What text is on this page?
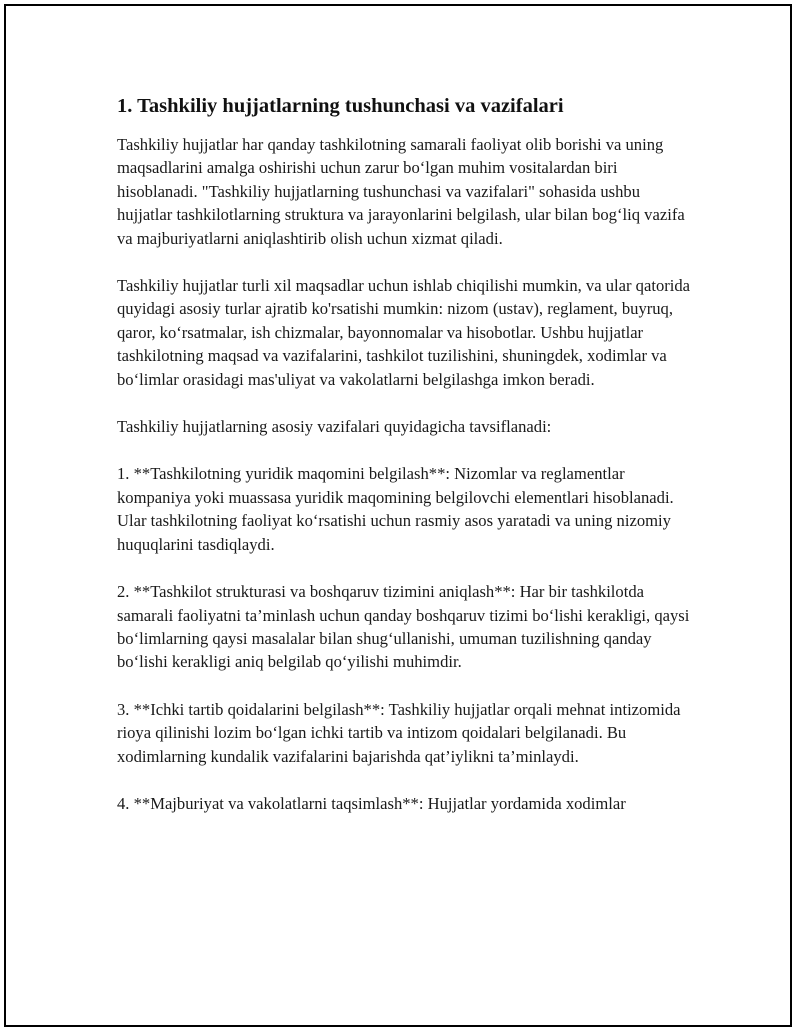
1. Tashkiliy hujjatlarning tushunchasi va vazifalari

Tashkiliy hujjatlar har qanday tashkilotning samarali faoliyat olib borishi va uning maqsadlarini amalga oshirishi uchun zarur bo‘lgan muhim vositalardan biri hisoblanadi. "Tashkiliy hujjatlarning tushunchasi va vazifalari" sohasida ushbu hujjatlar tashkilotlarning struktura va jarayonlarini belgilash, ular bilan bog‘liq vazifa va majburiyatlarni aniqlashtirib olish uchun xizmat qiladi.

Tashkiliy hujjatlar turli xil maqsadlar uchun ishlab chiqilishi mumkin, va ular qatorida quyidagi asosiy turlar ajratib ko'rsatishi mumkin: nizom (ustav), reglament, buyruq, qaror, ko‘rsatmalar, ish chizmalar, bayonnomalar va hisobotlar. Ushbu hujjatlar tashkilotning maqsad va vazifalarini, tashkilot tuzilishini, shuningdek, xodimlar va bo‘limlar orasidagi mas'uliyat va vakolatlarni belgilashga imkon beradi.

Tashkiliy hujjatlarning asosiy vazifalari quyidagicha tavsiflanadi:

1. **Tashkilotning yuridik maqomini belgilash**: Nizomlar va reglamentlar kompaniya yoki muassasa yuridik maqomining belgilovchi elementlari hisoblanadi. Ular tashkilotning faoliyat ko‘rsatishi uchun rasmiy asos yaratadi va uning nizomiy huquqlarini tasdiqlaydi.

2. **Tashkilot strukturasi va boshqaruv tizimini aniqlash**: Har bir tashkilotda samarali faoliyatni ta’minlash uchun qanday boshqaruv tizimi bo‘lishi kerakligi, qaysi bo‘limlarning qaysi masalalar bilan shug‘ullanishi, umuman tuzilishning qanday bo‘lishi kerakligi aniq belgilab qo‘yilishi muhimdir.

3. **Ichki tartib qoidalarini belgilash**: Tashkiliy hujjatlar orqali mehnat intizomida rioya qilinishi lozim bo‘lgan ichki tartib va intizom qoidalari belgilanadi. Bu xodimlarning kundalik vazifalarini bajarishda qat’iylikni ta’minlaydi.

4. **Majburiyat va vakolatlarni taqsimlash**: Hujjatlar yordamida xodimlar
